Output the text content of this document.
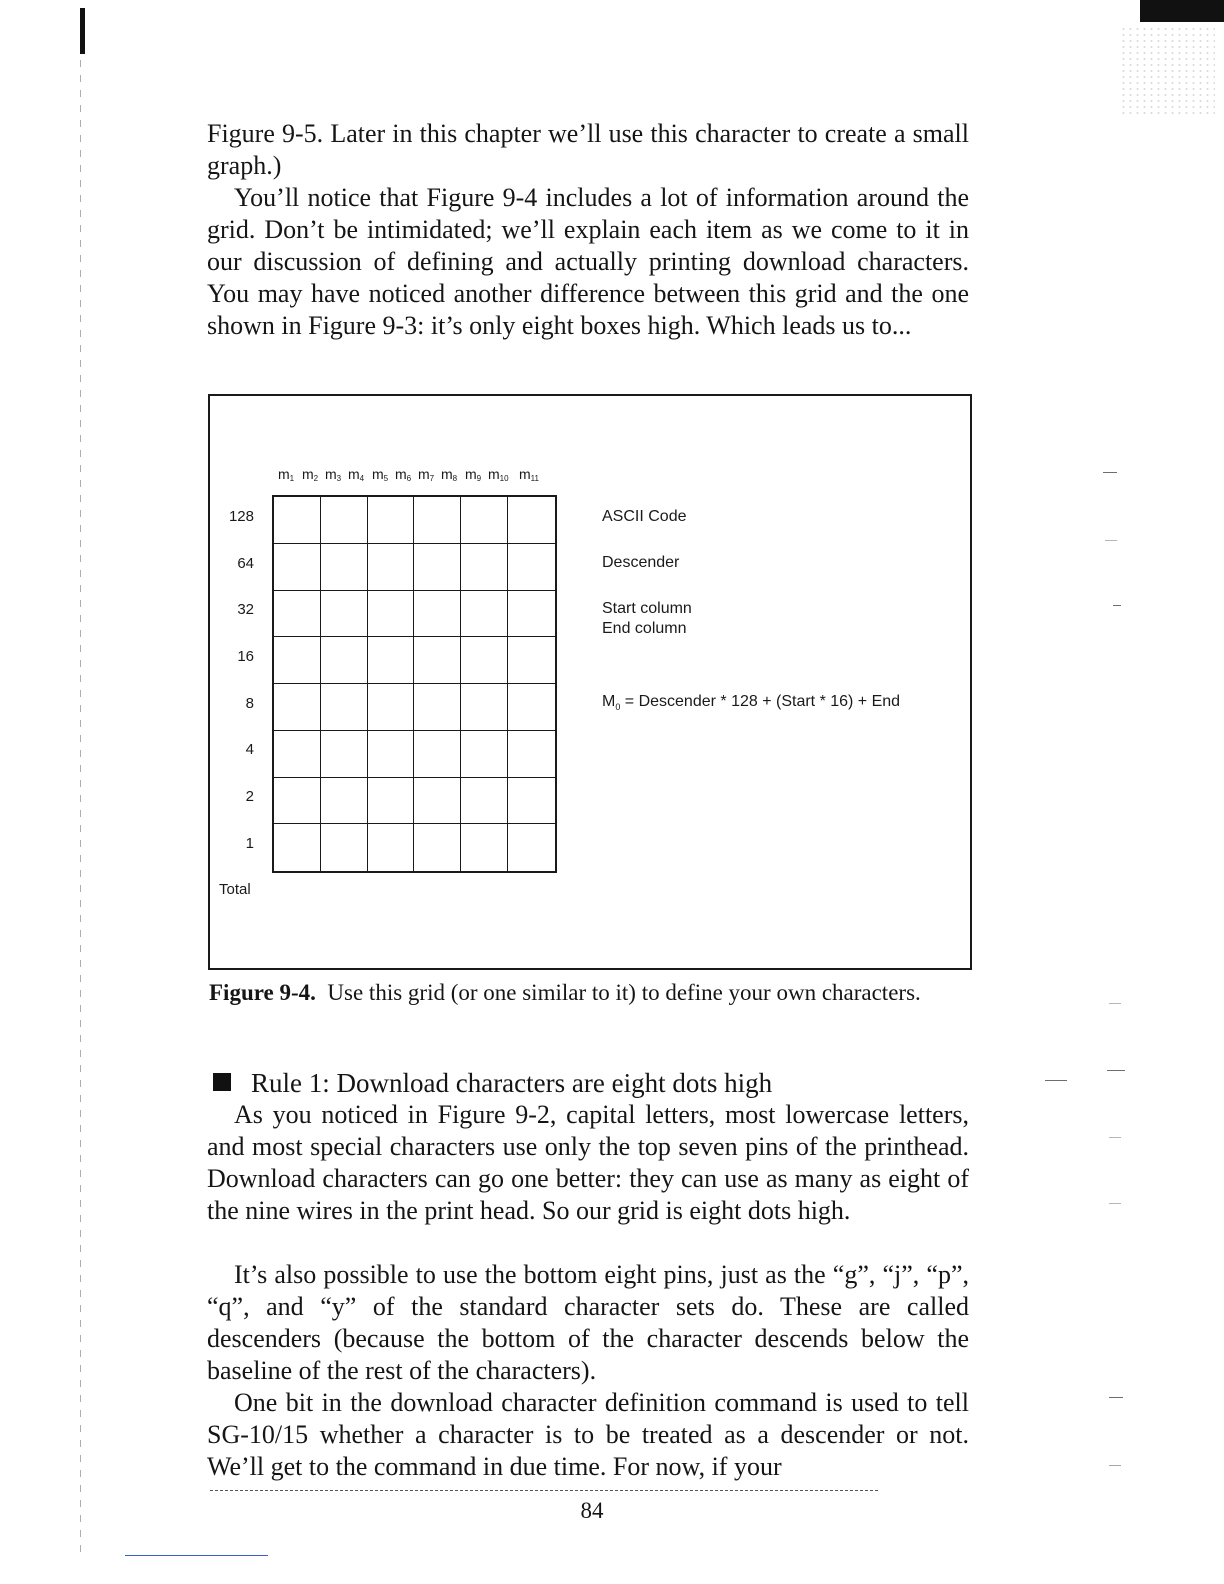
Figure 9-5. Later in this chapter we’ll use this character to create a small graph.)

You’ll notice that Figure 9-4 includes a lot of information around the grid. Don’t be intimidated; we’ll explain each item as we come to it in our discussion of defining and actually printing download characters. You may have noticed another difference between this grid and the one shown in Figure 9-3: it’s only eight boxes high. Which leads us to...

$m_1$ $m_2$ $m_3$ $m_4$ $m_5$ $m_6$ $m_7$ $m_8$ $m_9$ $m_{10}$ $m_{11}$
128
64
32
16
8
4
2
1
Total
ASCII Code
Descender
Start column
End column
$M_0$ = Descender * 128 + (Start * 16) + End

Figure 9-4. Use this grid (or one similar to it) to define your own characters.

Rule 1: Download characters are eight dots high

As you noticed in Figure 9-2, capital letters, most lowercase letters, and most special characters use only the top seven pins of the printhead. Download characters can go one better: they can use as many as eight of the nine wires in the print head. So our grid is eight dots high.

It’s also possible to use the bottom eight pins, just as the “g”, “j”, “p”, “q”, and “y” of the standard character sets do. These are called descenders (because the bottom of the character descends below the baseline of the rest of the characters).

One bit in the download character definition command is used to tell SG-10/15 whether a character is to be treated as a descender or not. We’ll get to the command in due time. For now, if your

84
